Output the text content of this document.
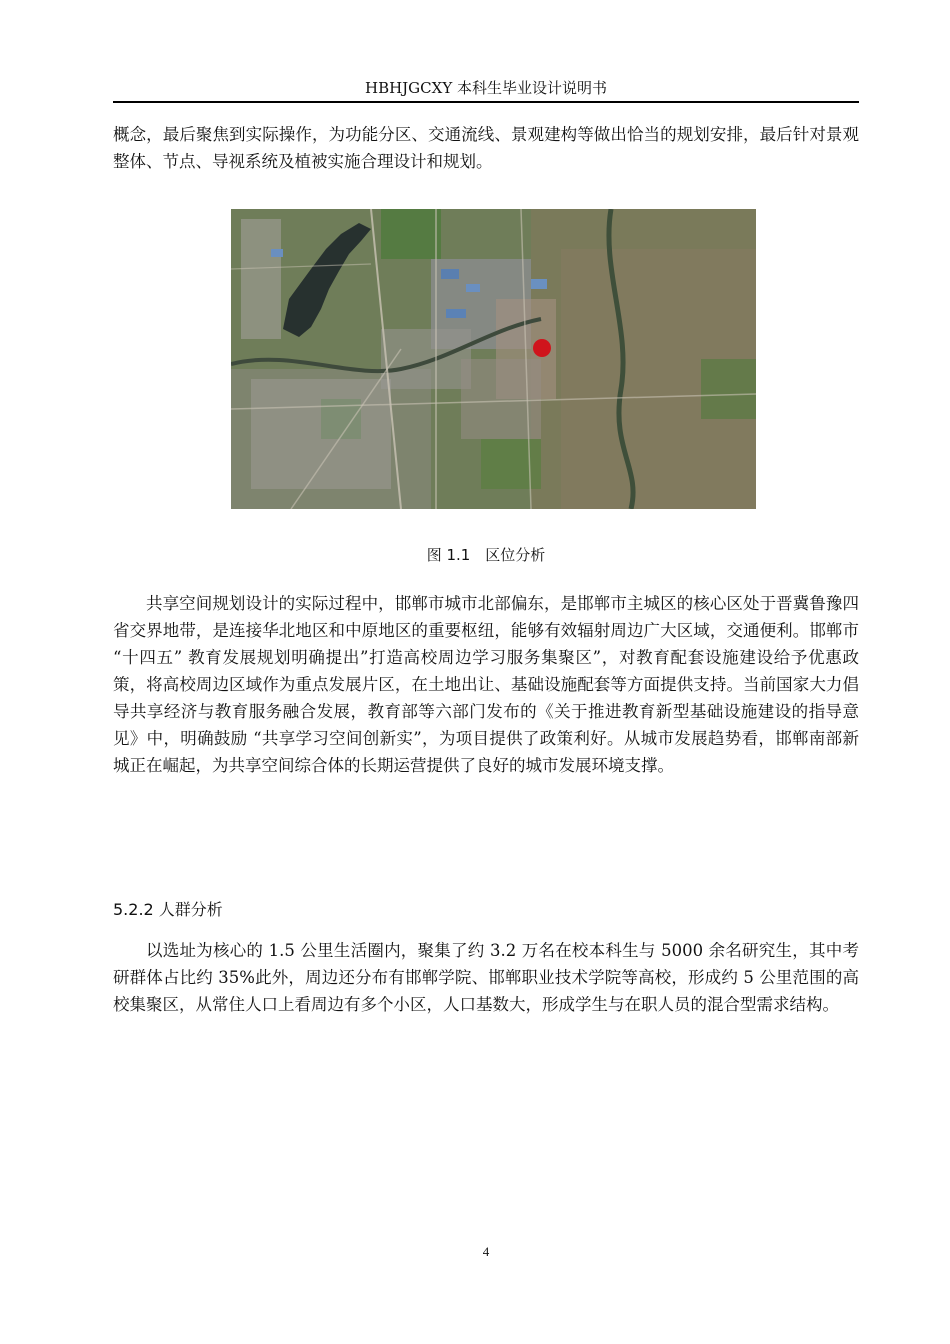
HBHJGCXY 本科生毕业设计说明书

概念，最后聚焦到实际操作，为功能分区、交通流线、景观建构等做出恰当的规划安排，最后针对景观整体、节点、导视系统及植被实施合理设计和规划。

图 1.1　区位分析

共享空间规划设计的实际过程中，邯郸市城市北部偏东，是邯郸市主城区的核心区处于晋冀鲁豫四省交界地带，是连接华北地区和中原地区的重要枢纽，能够有效辐射周边广大区域，交通便利。邯郸市 “十四五” 教育发展规划明确提出”打造高校周边学习服务集聚区”，对教育配套设施建设给予优惠政策，将高校周边区域作为重点发展片区，在土地出让、基础设施配套等方面提供支持。当前国家大力倡导共享经济与教育服务融合发展，教育部等六部门发布的《关于推进教育新型基础设施建设的指导意见》中，明确鼓励 “共享学习空间创新实”，为项目提供了政策利好。从城市发展趋势看，邯郸南部新城正在崛起，为共享空间综合体的长期运营提供了良好的城市发展环境支撑。

5.2.2 人群分析

以选址为核心的 1.5 公里生活圈内，聚集了约 3.2 万名在校本科生与 5000 余名研究生，其中考研群体占比约 35%此外，周边还分布有邯郸学院、邯郸职业技术学院等高校，形成约 5 公里范围的高校集聚区，从常住人口上看周边有多个小区，人口基数大，形成学生与在职人员的混合型需求结构。

4
